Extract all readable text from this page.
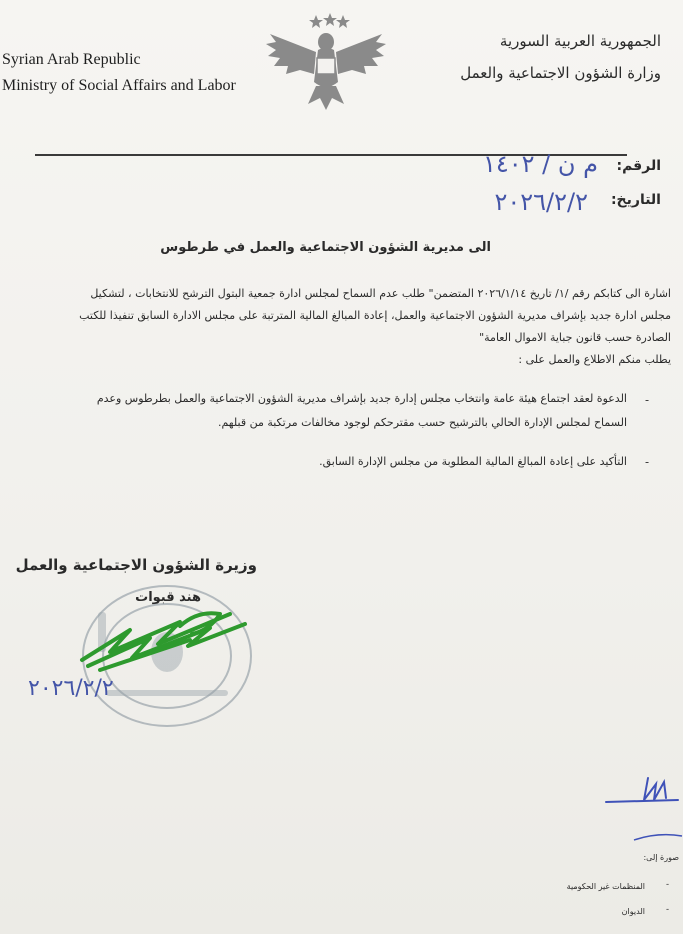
Syrian Arab Republic
Ministry of Social Affairs and Labor
الجمهورية العربية السورية
وزارة الشؤون الاجتماعية والعمل
الرقم:
م ن / ١٤٠٢
التاريخ:
٢٠٢٦/٢/٢
الى مديرية الشؤون الاجتماعية والعمل في طرطوس
اشارة الى كتابكم رقم /١/ تاريخ ٢٠٢٦/١/١٤ المتضمن" طلب عدم السماح لمجلس ادارة جمعية البتول الترشح للانتخابات ، لتشكيل
مجلس ادارة جديد بإشراف مديرية الشؤون الاجتماعية والعمل، إعادة المبالغ المالية المترتبة على مجلس الادارة السابق تنفيذا للكتب
الصادرة حسب قانون جباية الاموال العامة"
يطلب منكم الاطلاع والعمل على :
-
الدعوة لعقد اجتماع هيئة عامة وانتخاب مجلس إدارة جديد بإشراف مديرية الشؤون الاجتماعية والعمل بطرطوس وعدم
السماح لمجلس الإدارة الحالي بالترشيح حسب مقترحكم لوجود مخالفات مرتكبة من قبلهم.
-
التأكيد على إعادة المبالغ المالية المطلوبة من مجلس الإدارة السابق.
وزيرة الشؤون الاجتماعية والعمل
هند قبوات
٢٠٢٦/٢/٢
صورة إلى:
-
المنظمات غير الحكومية
-
الديوان
